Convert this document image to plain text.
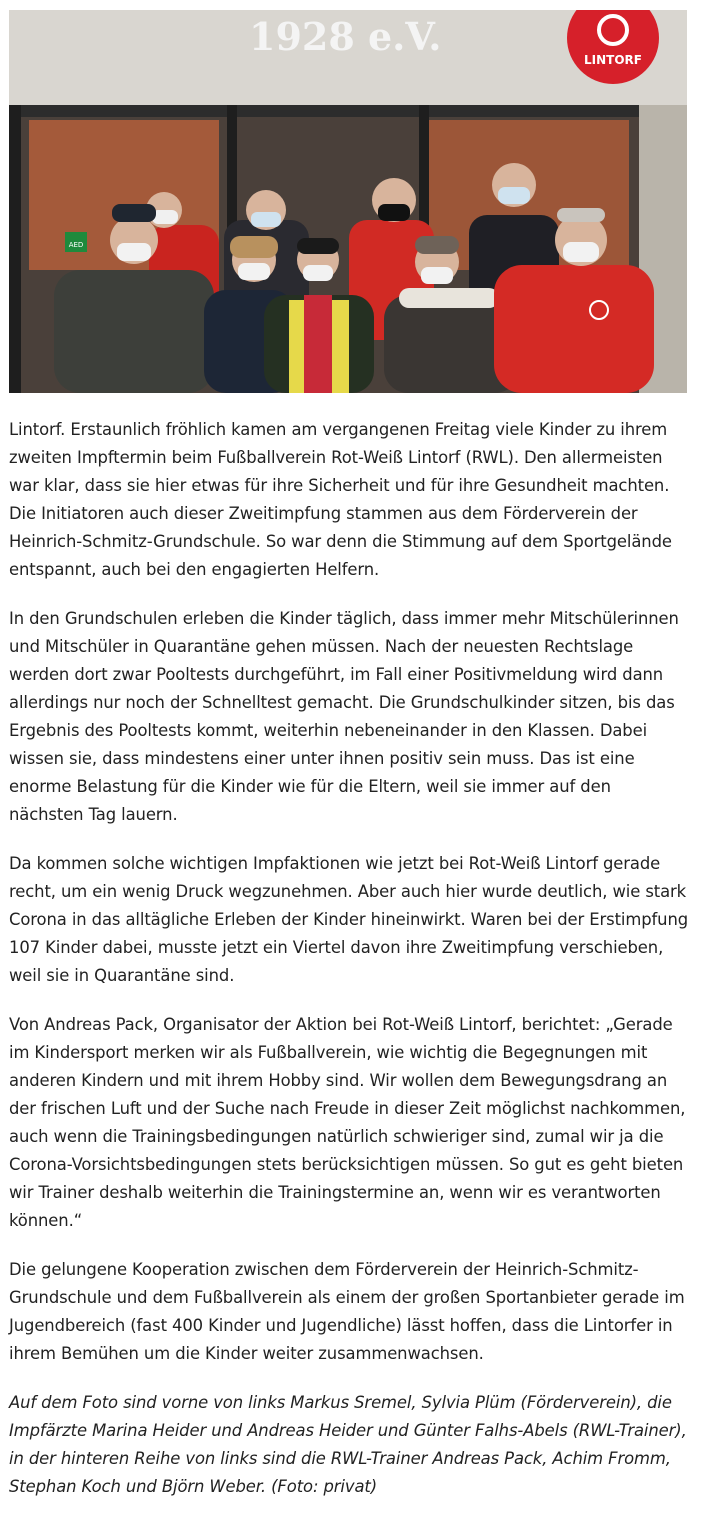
1928 e.V.
LINTORF
AED

Lintorf. Erstaunlich fröhlich kamen am vergangenen Freitag viele Kinder zu ihrem zweiten Impftermin beim Fußballverein Rot-Weiß Lintorf (RWL). Den allermeisten war klar, dass sie hier etwas für ihre Sicherheit und für ihre Gesundheit machten. Die Initiatoren auch dieser Zweitimpfung stammen aus dem Förderverein der Heinrich-Schmitz-Grundschule. So war denn die Stimmung auf dem Sportgelände entspannt, auch bei den engagierten Helfern.

In den Grundschulen erleben die Kinder täglich, dass immer mehr Mitschülerinnen und Mitschüler in Quarantäne gehen müssen. Nach der neuesten Rechtslage werden dort zwar Pooltests durchgeführt, im Fall einer Positivmeldung wird dann allerdings nur noch der Schnelltest gemacht. Die Grundschulkinder sitzen, bis das Ergebnis des Pooltests kommt, weiterhin nebeneinander in den Klassen. Dabei wissen sie, dass mindestens einer unter ihnen positiv sein muss. Das ist eine enorme Belastung für die Kinder wie für die Eltern, weil sie immer auf den nächsten Tag lauern.

Da kommen solche wichtigen Impfaktionen wie jetzt bei Rot-Weiß Lintorf gerade recht, um ein wenig Druck wegzunehmen. Aber auch hier wurde deutlich, wie stark Corona in das alltägliche Erleben der Kinder hineinwirkt. Waren bei der Erstimpfung 107 Kinder dabei, musste jetzt ein Viertel davon ihre Zweitimpfung verschieben, weil sie in Quarantäne sind.

Von Andreas Pack, Organisator der Aktion bei Rot-Weiß Lintorf, berichtet: „Gerade im Kindersport merken wir als Fußballverein, wie wichtig die Begegnungen mit anderen Kindern und mit ihrem Hobby sind. Wir wollen dem Bewegungsdrang an der frischen Luft und der Suche nach Freude in dieser Zeit möglichst nachkommen, auch wenn die Trainingsbedingungen natürlich schwieriger sind, zumal wir ja die Corona-Vorsichtsbedingungen stets berücksichtigen müssen. So gut es geht bieten wir Trainer deshalb weiterhin die Trainingstermine an, wenn wir es verantworten können.“

Die gelungene Kooperation zwischen dem Förderverein der Heinrich-Schmitz-Grundschule und dem Fußballverein als einem der großen Sportanbieter gerade im Jugendbereich (fast 400 Kinder und Jugendliche) lässt hoffen, dass die Lintorfer in ihrem Bemühen um die Kinder weiter zusammenwachsen.

Auf dem Foto sind vorne von links Markus Sremel, Sylvia Plüm (Förderverein), die Impfärzte Marina Heider und Andreas Heider und Günter Falhs-Abels (RWL-Trainer), in der hinteren Reihe von links sind die RWL-Trainer Andreas Pack, Achim Fromm, Stephan Koch und Björn Weber. (Foto: privat)
